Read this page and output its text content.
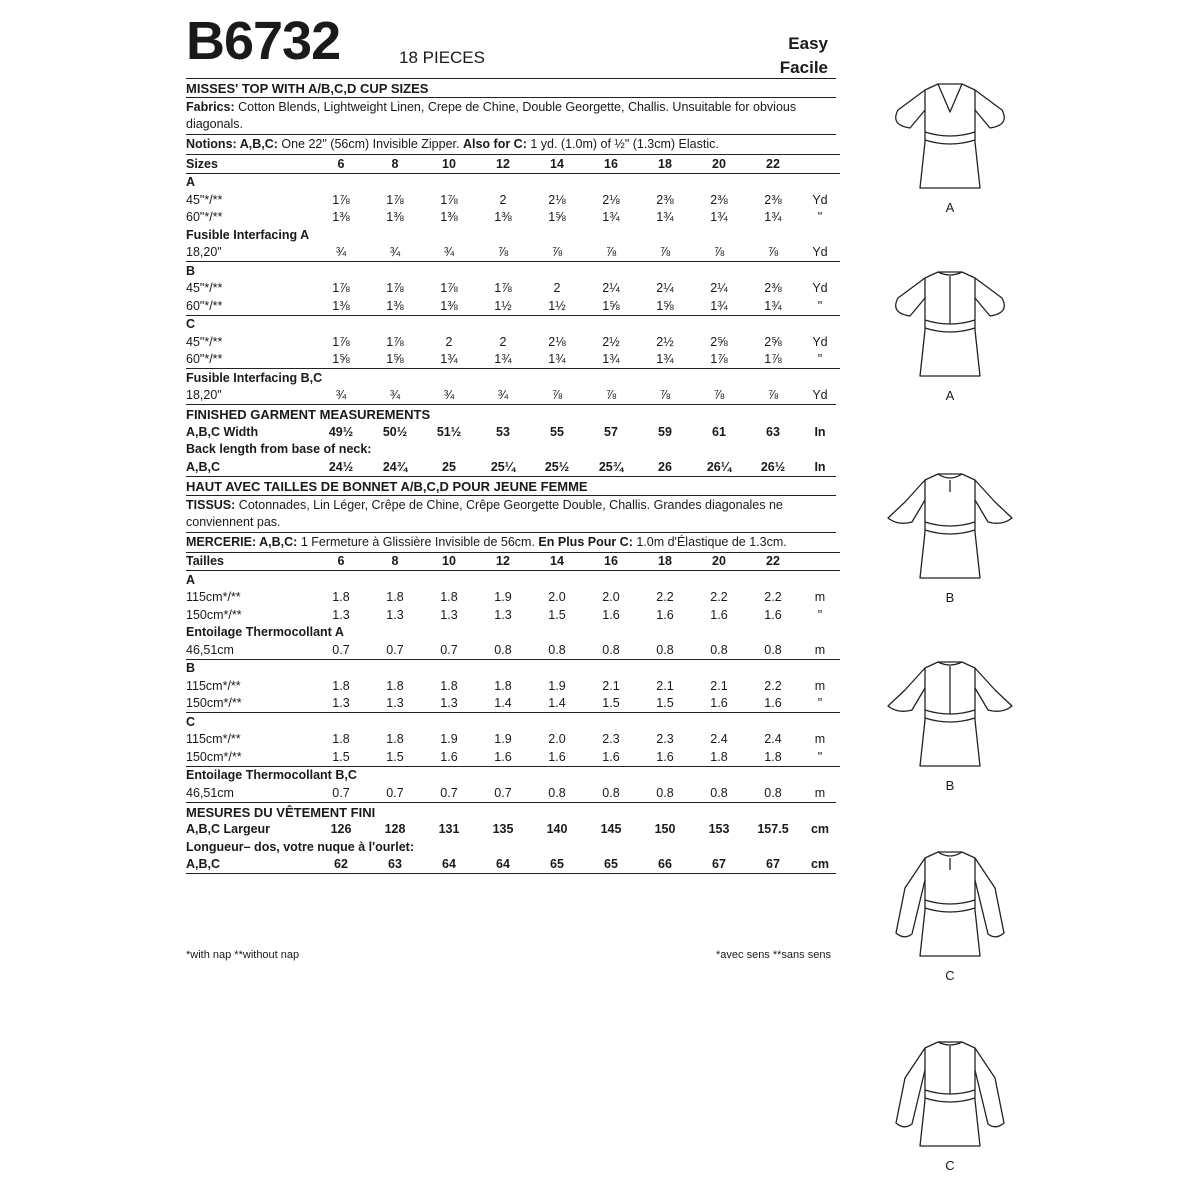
B6732	18 PIECES
Easy
Facile
MISSES' TOP WITH A/B,C,D CUP SIZES
Fabrics: Cotton Blends, Lightweight Linen, Crepe de Chine, Double Georgette, Challis. Unsuitable for obvious diagonals.
Notions: A,B,C: One 22" (56cm) Invisible Zipper. Also for C: 1 yd. (1.0m) of ½" (1.3cm) Elastic.
Sizes	6	8	10	12	14	16	18	20	22	
A										
45"*/**	1⅞	1⅞	1⅞	2	2⅛	2⅛	2⅜	2⅜	2⅜	Yd
60"*/**	1⅜	1⅜	1⅜	1⅜	1⅝	1¾	1¾	1¾	1¾	"
Fusible Interfacing A										
18,20"	¾	¾	¾	⅞	⅞	⅞	⅞	⅞	⅞	Yd
B										
45"*/**	1⅞	1⅞	1⅞	1⅞	2	2¼	2¼	2¼	2⅜	Yd
60"*/**	1⅜	1⅜	1⅜	1½	1½	1⅝	1⅝	1¾	1¾	"
C										
45"*/**	1⅞	1⅞	2	2	2⅛	2½	2½	2⅝	2⅝	Yd
60"*/**	1⅝	1⅝	1¾	1¾	1¾	1¾	1¾	1⅞	1⅞	"
Fusible Interfacing B,C										
18,20"	¾	¾	¾	¾	⅞	⅞	⅞	⅞	⅞	Yd
FINISHED GARMENT MEASUREMENTS
A,B,C Width	49½	50½	51½	53	55	57	59	61	63	In
Back length from base of neck:										
A,B,C	24½	24¾	25	25¼	25½	25¾	26	26¼	26½	In
HAUT AVEC TAILLES DE BONNET A/B,C,D POUR JEUNE FEMME
TISSUS: Cotonnades, Lin Léger, Crêpe de Chine, Crêpe Georgette Double, Challis. Grandes diagonales ne conviennent pas.
MERCERIE: A,B,C: 1 Fermeture à Glissière Invisible de 56cm. En Plus Pour C: 1.0m d'Élastique de 1.3cm.
Tailles	6	8	10	12	14	16	18	20	22	
A										
115cm*/**	1.8	1.8	1.8	1.9	2.0	2.0	2.2	2.2	2.2	m
150cm*/**	1.3	1.3	1.3	1.3	1.5	1.6	1.6	1.6	1.6	"
Entoilage Thermocollant A										
46,51cm	0.7	0.7	0.7	0.8	0.8	0.8	0.8	0.8	0.8	m
B										
115cm*/**	1.8	1.8	1.8	1.8	1.9	2.1	2.1	2.1	2.2	m
150cm*/**	1.3	1.3	1.3	1.4	1.4	1.5	1.5	1.6	1.6	"
C										
115cm*/**	1.8	1.8	1.9	1.9	2.0	2.3	2.3	2.4	2.4	m
150cm*/**	1.5	1.5	1.6	1.6	1.6	1.6	1.6	1.8	1.8	"
Entoilage Thermocollant B,C										
46,51cm	0.7	0.7	0.7	0.7	0.8	0.8	0.8	0.8	0.8	m
MESURES DU VÊTEMENT FINI
A,B,C Largeur	126	128	131	135	140	145	150	153	157.5	cm
Longueur– dos, votre nuque à l'ourlet:										
A,B,C	62	63	64	64	65	65	66	67	67	cm
*with nap **without nap	*avec sens **sans sens
A
A
B
B
C
C
